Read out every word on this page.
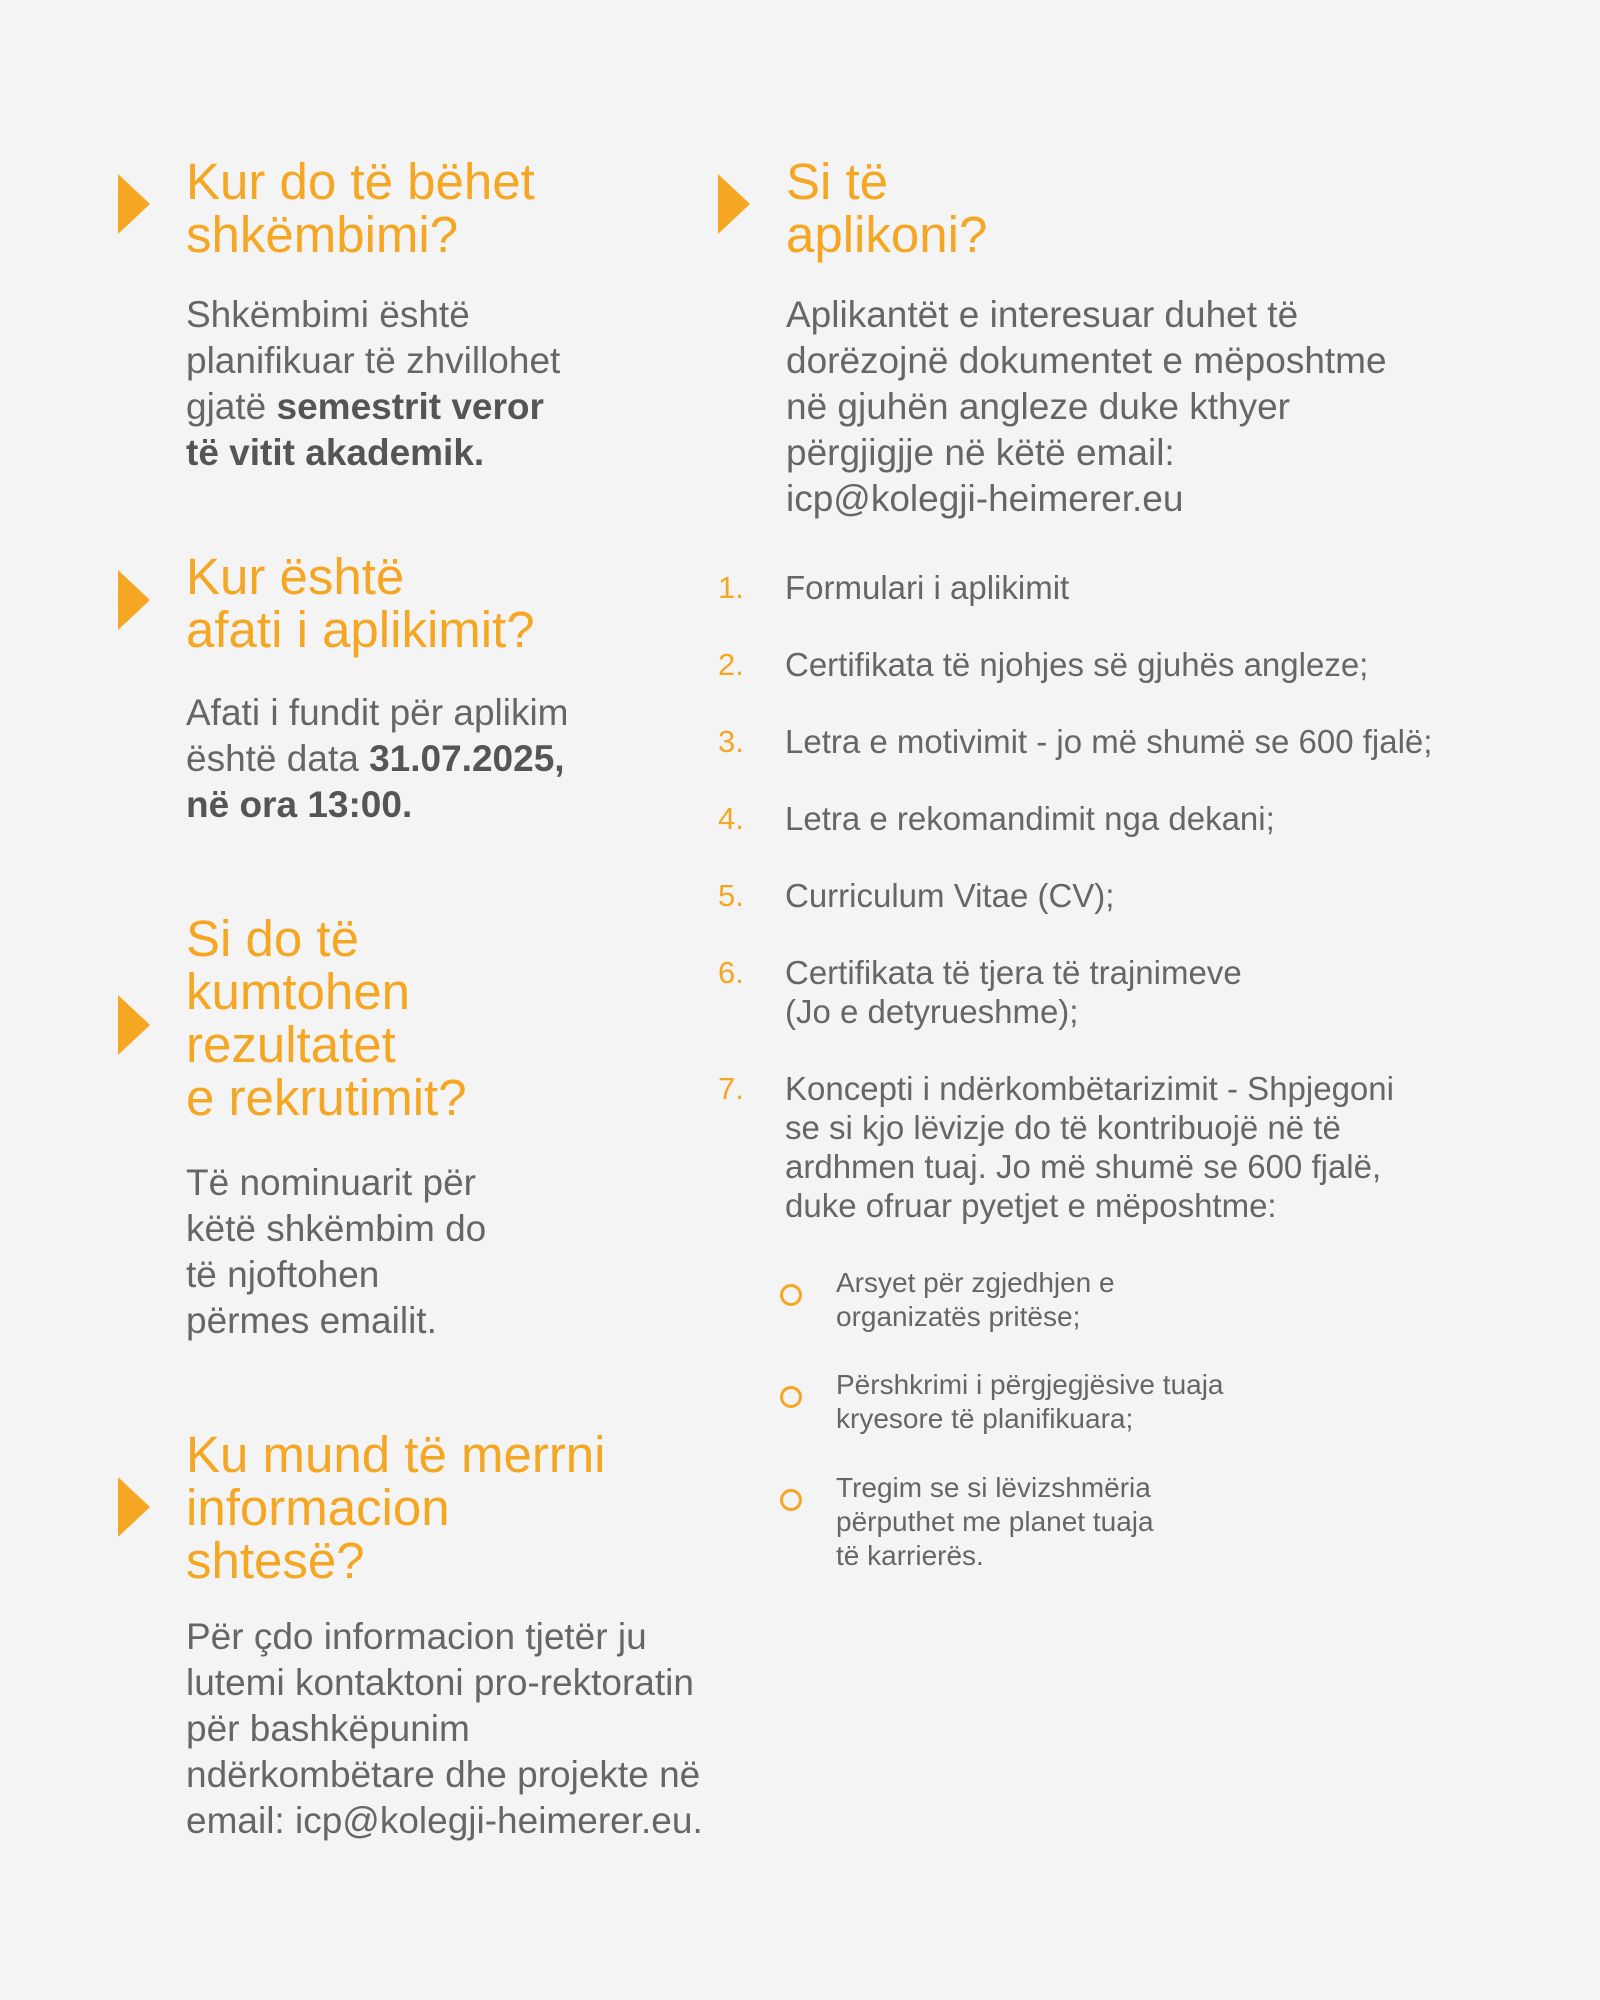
Kur do të bëhet
shkëmbimi?

Shkëmbimi është
planifikuar të zhvillohet
gjatë semestrit veror
të vitit akademik.

Kur është
afati i aplikimit?

Afati i fundit për aplikim
është data 31.07.2025,
në ora 13:00.

Si do të
kumtohen
rezultatet
e rekrutimit?

Të nominuarit për
këtë shkëmbim do
të njoftohen
përmes emailit.

Ku mund të merrni
informacion
shtesë?

Për çdo informacion tjetër ju
lutemi kontaktoni pro-rektoratin
për bashkëpunim
ndërkombëtare dhe projekte në
email: icp@kolegji-heimerer.eu.

Si të
aplikoni?

Aplikantët e interesuar duhet të
dorëzojnë dokumentet e mëposhtme
në gjuhën angleze duke kthyer
përgjigjje në këtë email:
icp@kolegji-heimerer.eu

1. Formulari i aplikimit
2. Certifikata të njohjes së gjuhës angleze;
3. Letra e motivimit - jo më shumë se 600 fjalë;
4. Letra e rekomandimit nga dekani;
5. Curriculum Vitae (CV);
6. Certifikata të tjera të trajnimeve
(Jo e detyrueshme);
7. Koncepti i ndërkombëtarizimit - Shpjegoni
se si kjo lëvizje do të kontribuojë në të
ardhmen tuaj. Jo më shumë se 600 fjalë,
duke ofruar pyetjet e mëposhtme:
Arsyet për zgjedhjen e
organizatës pritëse;
Përshkrimi i përgjegjësive tuaja
kryesore të planifikuara;
Tregim se si lëvizshmëria
përputhet me planet tuaja
të karrierës.
